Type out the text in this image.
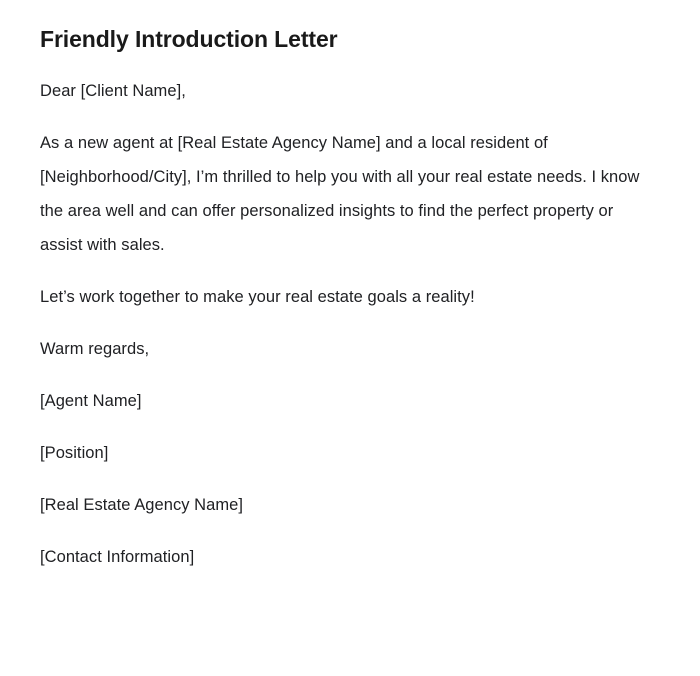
Friendly Introduction Letter

Dear [Client Name],

As a new agent at [Real Estate Agency Name] and a local resident of [Neighborhood/City], I’m thrilled to help you with all your real estate needs. I know the area well and can offer personalized insights to find the perfect property or assist with sales.

Let’s work together to make your real estate goals a reality!

Warm regards,

[Agent Name]

[Position]

[Real Estate Agency Name]

[Contact Information]
